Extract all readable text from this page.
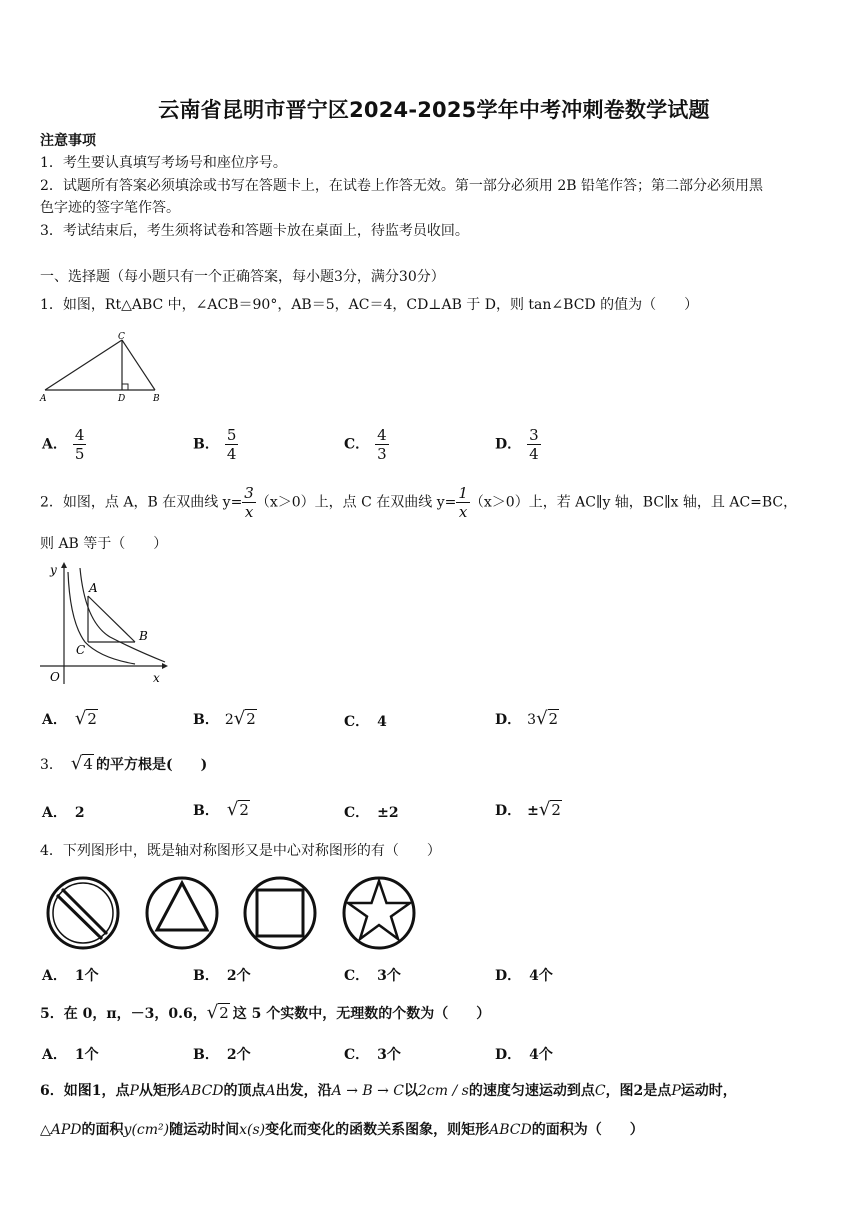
云南省昆明市晋宁区2024-2025学年中考冲刺卷数学试题
注意事项
1．考生要认真填写考场号和座位序号。
2．试题所有答案必须填涂或书写在答题卡上，在试卷上作答无效。第一部分必须用 2B 铅笔作答；第二部分必须用黑
色字迹的签字笔作答。
3．考试结束后，考生须将试卷和答题卡放在桌面上，待监考员收回。
一、选择题（每小题只有一个正确答案，每小题3分，满分30分）
1．如图，Rt△ABC 中，∠ACB＝90°，AB＝5，AC＝4，CD⊥AB 于 D，则 tan∠BCD 的值为（　　）
A	D	B
C
A． $\frac{4}{5}$	B． $\frac{5}{4}$	C． $\frac{4}{3}$	D． $\frac{3}{4}$
2．如图，点 A，B 在双曲线 $y= \frac{3}{x} (x>0)$上，点 C 在双曲线 $y= \frac{1}{x} (x>0)$上，若 AC∥y 轴，BC∥x 轴，且 AC=BC，
则 AB 等于（　　）
y
x
O
A
B
C
A． √2	B． 2√2	C． 4	D． 3√2
3． √4 的平方根是(　　)
A． 2	B． √2	C． ±2	D． ±√2
4．下列图形中，既是轴对称图形又是中心对称图形的有（　　）
A． 1个	B． 2个	C． 3个	D． 4个
5．在 0，π，－3，0.6，√2 这 5 个实数中，无理数的个数为（　　）
A． 1个	B． 2个	C． 3个	D． 4个
6．如图1，点P从矩形ABCD的顶点A出发，沿A → B → C以2cm / s的速度匀速运动到点C，图2是点P运动时，
△APD的面积y(cm²)随运动时间x(s)变化而变化的函数关系图象，则矩形ABCD的面积为（　　）
